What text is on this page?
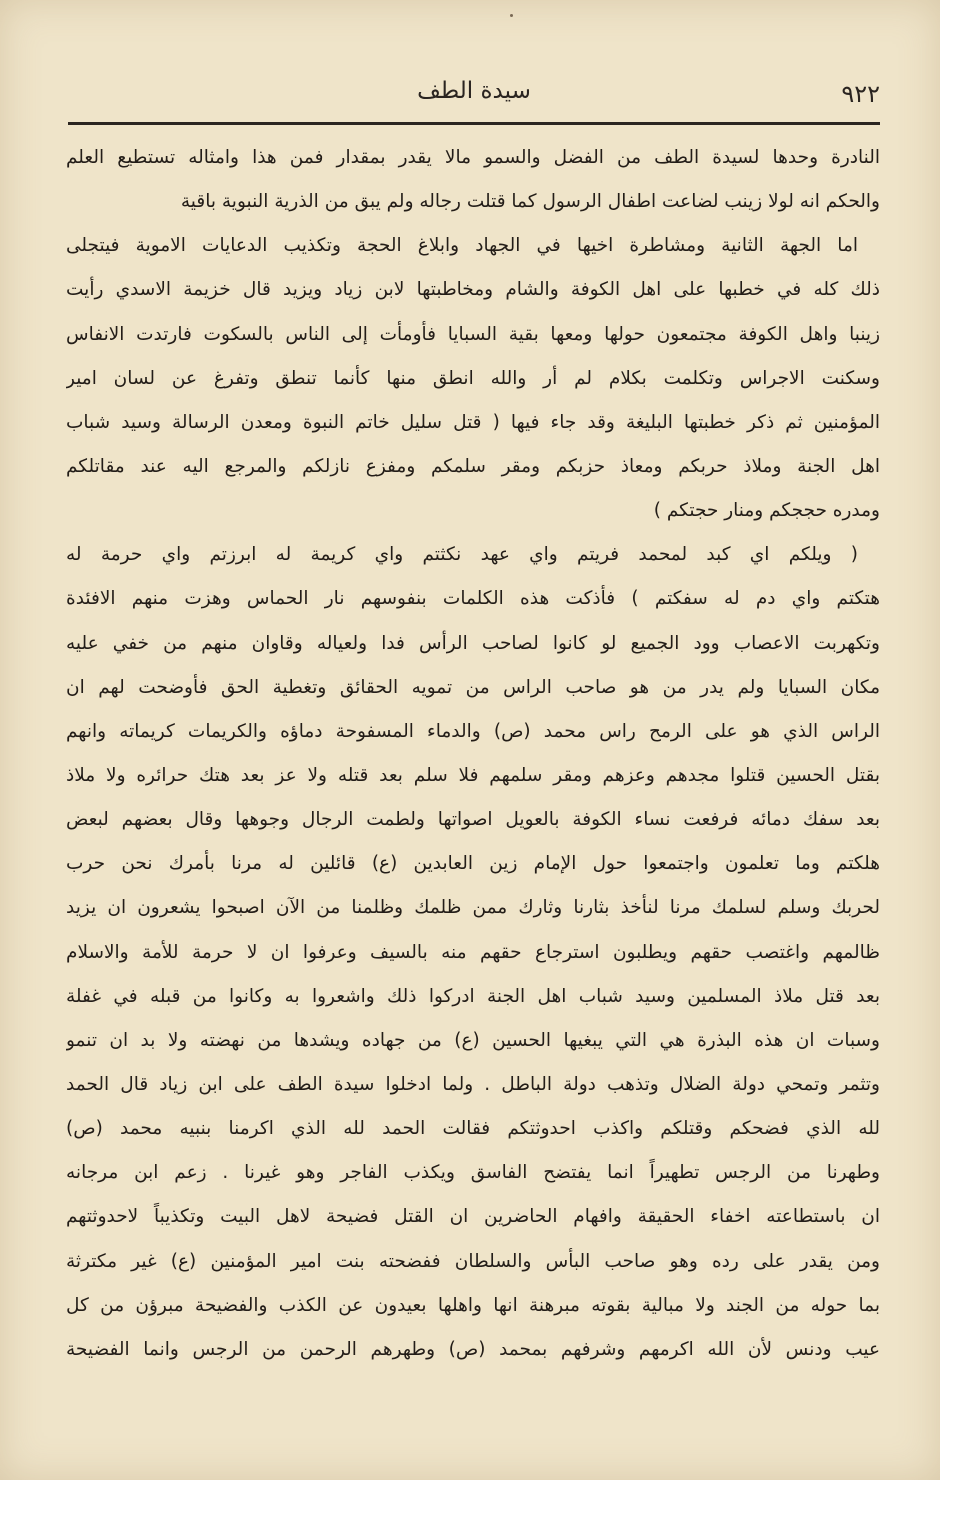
٩٢٢
سيدة الطف
النادرة وحدها لسيدة الطف من الفضل والسمو مالا يقدر بمقدار فمن هذا وامثاله تستطيع العلم
والحكم انه لولا زينب لضاعت اطفال الرسول كما قتلت رجاله ولم يبق من الذرية النبوية باقية
اما الجهة الثانية ومشاطرة اخيها في الجهاد وابلاغ الحجة وتكذيب الدعايات الاموية فيتجلى
ذلك كله في خطبها على اهل الكوفة والشام ومخاطبتها لابن زياد ويزيد قال خزيمة الاسدي رأيت
زينبا واهل الكوفة مجتمعون حولها ومعها بقية السبايا فأومأت إلى الناس بالسكوت فارتدت الانفاس
وسكنت الاجراس وتكلمت بكلام لم أر والله انطق منها كأنما تنطق وتفرغ عن لسان امير
المؤمنين ثم ذكر خطبتها البليغة وقد جاء فيها ( قتل سليل خاتم النبوة ومعدن الرسالة وسيد شباب
اهل الجنة وملاذ حربكم ومعاذ حزبكم ومقر سلمكم ومفزع نازلكم والمرجع اليه عند مقاتلكم
ومدره حججكم ومنار حجتكم )
( ويلكم اي كبد لمحمد فريتم واي عهد نكثتم واي كريمة له ابرزتم واي حرمة له
هتكتم واي دم له سفكتم ) فأذكت هذه الكلمات بنفوسهم نار الحماس وهزت منهم الافئدة
وتكهربت الاعصاب وود الجميع لو كانوا لصاحب الرأس فدا ولعياله وقاوان منهم من خفي عليه
مكان السبايا ولم يدر من هو صاحب الراس من تمويه الحقائق وتغطية الحق فأوضحت لهم ان
الراس الذي هو على الرمح راس محمد (ص) والدماء المسفوحة دماؤه والكريمات كريماته وانهم
بقتل الحسين قتلوا مجدهم وعزهم ومقر سلمهم فلا سلم بعد قتله ولا عز بعد هتك حرائره ولا ملاذ
بعد سفك دمائه فرفعت نساء الكوفة بالعويل اصواتها ولطمت الرجال وجوهها وقال بعضهم لبعض
هلكتم وما تعلمون واجتمعوا حول الإمام زين العابدين (ع) قائلين له مرنا بأمرك نحن حرب
لحربك وسلم لسلمك مرنا لنأخذ بثارنا وثارك ممن ظلمك وظلمنا من الآن اصبحوا يشعرون ان يزيد
ظالمهم واغتصب حقهم ويطلبون استرجاع حقهم منه بالسيف وعرفوا ان لا حرمة للأمة والاسلام
بعد قتل ملاذ المسلمين وسيد شباب اهل الجنة ادركوا ذلك واشعروا به وكانوا من قبله في غفلة
وسبات ان هذه البذرة هي التي يبغيها الحسين (ع) من جهاده ويشدها من نهضته ولا بد ان تنمو
وتثمر وتمحي دولة الضلال وتذهب دولة الباطل . ولما ادخلوا سيدة الطف على ابن زياد قال الحمد
لله الذي فضحكم وقتلكم واكذب احدوثتكم فقالت الحمد لله الذي اكرمنا بنبيه محمد (ص)
وطهرنا من الرجس تطهيراً انما يفتضح الفاسق ويكذب الفاجر وهو غيرنا . زعم ابن مرجانه
ان باستطاعته اخفاء الحقيقة وافهام الحاضرين ان القتل فضيحة لاهل البيت وتكذيباً لاحدوثتهم
ومن يقدر على رده وهو صاحب البأس والسلطان ففضحته بنت امير المؤمنين (ع) غير مكترثة
بما حوله من الجند ولا مبالية بقوته مبرهنة انها واهلها بعيدون عن الكذب والفضيحة مبرؤن من كل
عيب ودنس لأن الله اكرمهم وشرفهم بمحمد (ص) وطهرهم الرحمن من الرجس وانما الفضيحة
